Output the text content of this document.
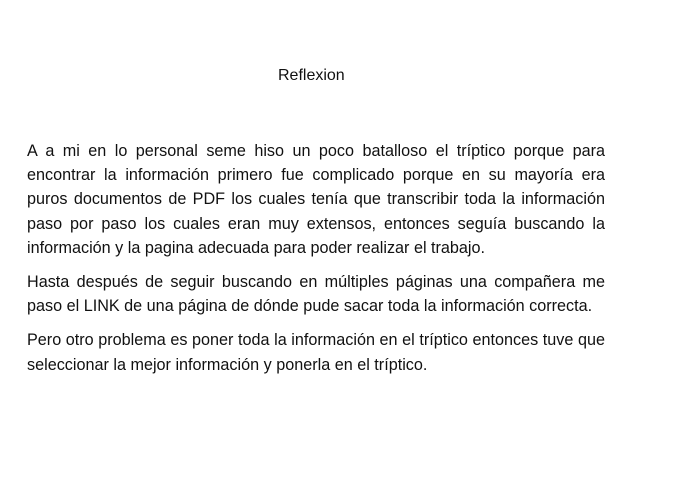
Reflexion

A a mi en lo personal seme hiso un poco batalloso el tríptico porque para encontrar la información primero fue complicado porque en su mayoría era puros documentos de PDF los cuales tenía que transcribir toda la información paso por paso los cuales eran muy extensos, entonces seguía buscando la información y la pagina adecuada para poder realizar el trabajo.

Hasta después de seguir buscando en múltiples páginas una compañera me paso el LINK de una página de dónde pude sacar toda la información correcta.

Pero otro problema es poner toda la información en el tríptico entonces tuve que seleccionar la mejor información y ponerla en el tríptico.
